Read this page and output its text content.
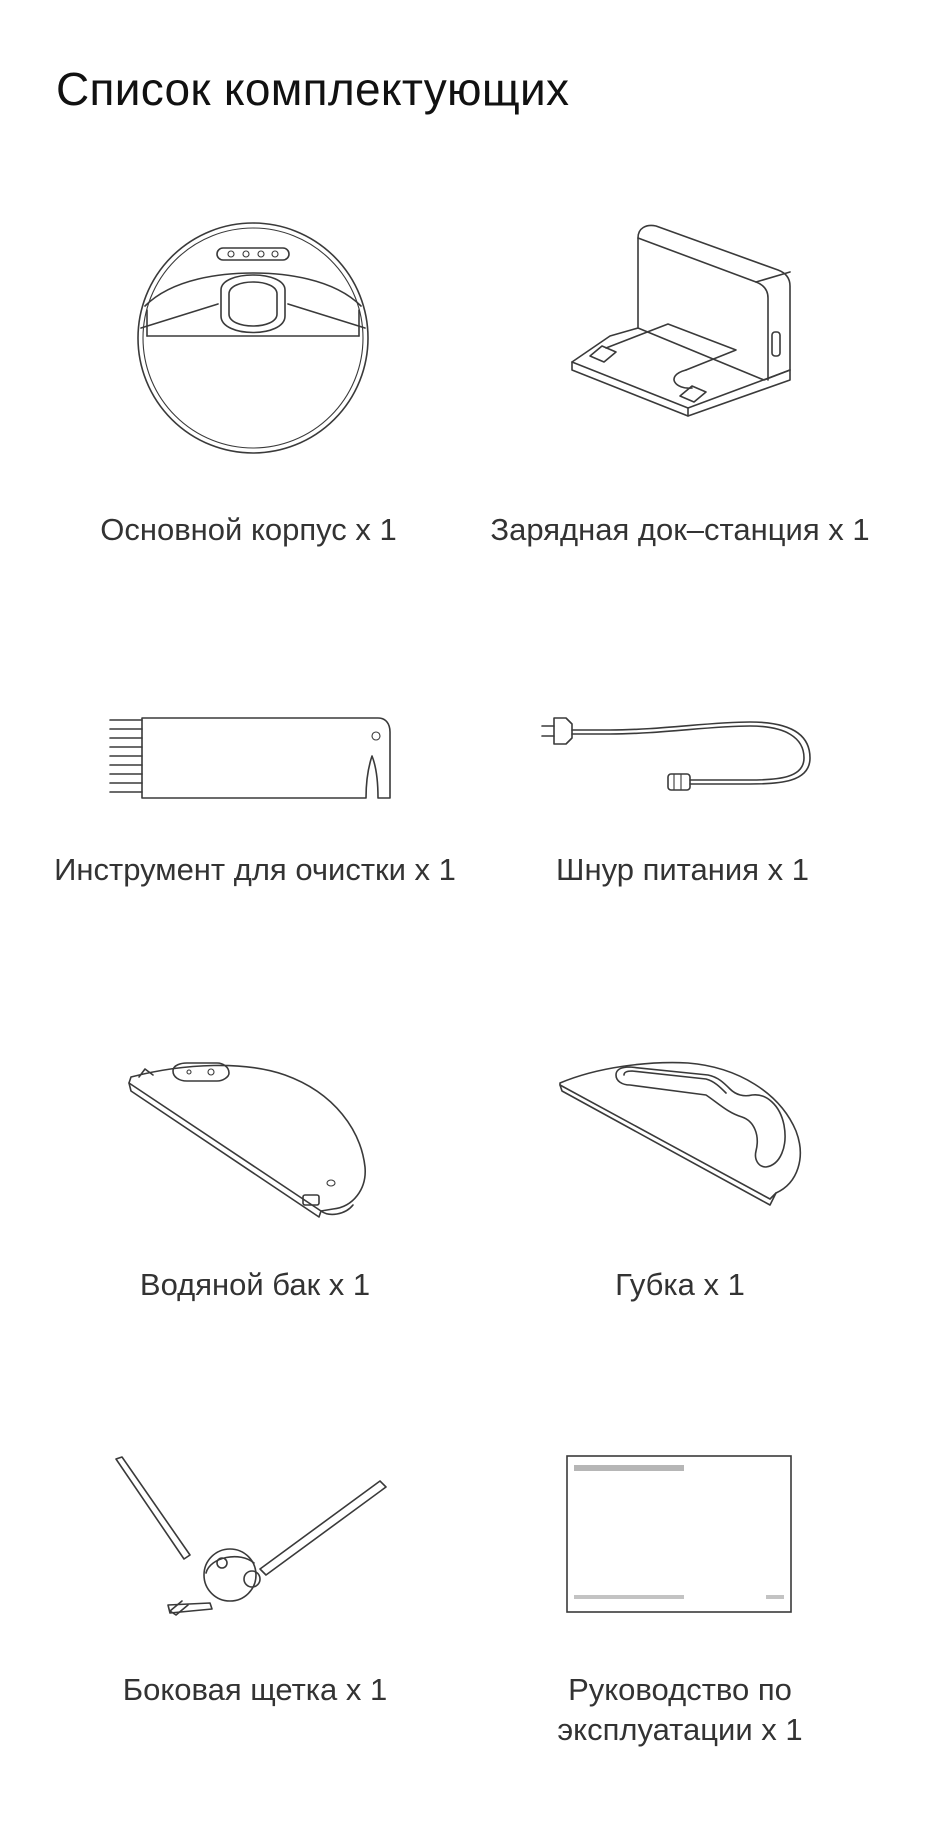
Список комплектующих
Основной корпус x 1	Зарядная док–станция x 1
Инструмент для очистки x 1	Шнур питания x 1
Водяной бак x 1	Губка x 1
Боковая щетка x 1	Руководство по
эксплуатации x 1
